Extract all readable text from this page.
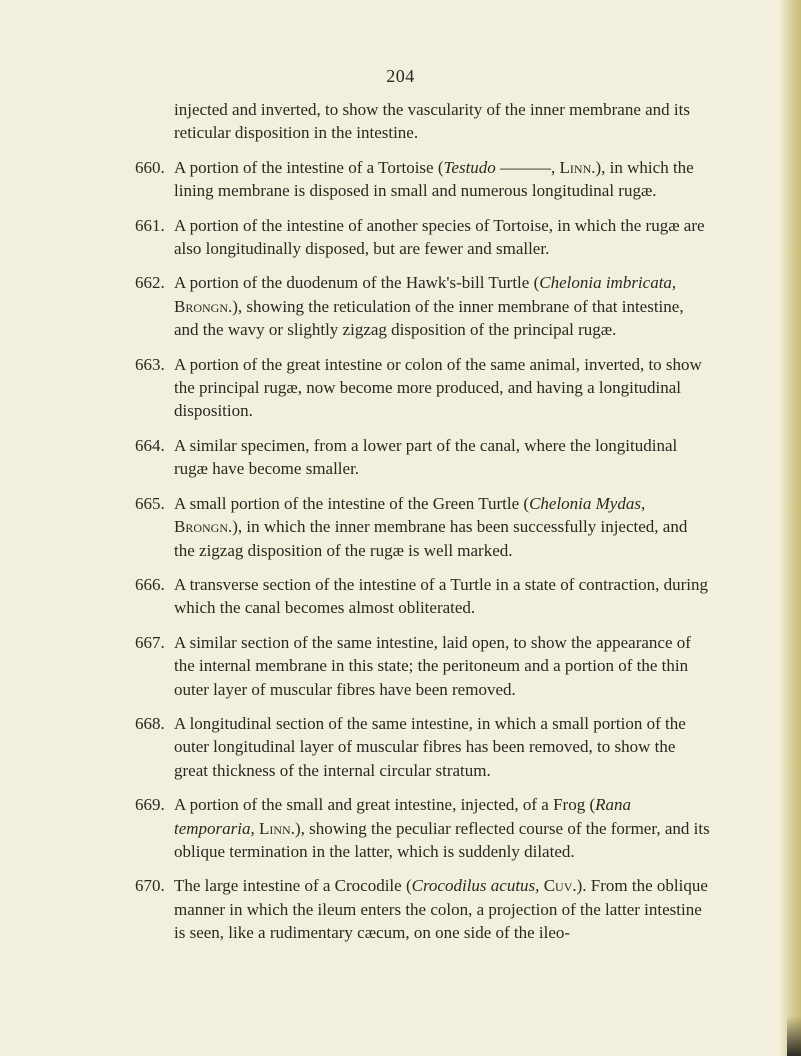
204

injected and inverted, to show the vascularity of the inner membrane and its reticular disposition in the intestine.

660. A portion of the intestine of a Tortoise (Testudo ———, Linn.), in which the lining membrane is disposed in small and numerous longitudinal rugæ.

661. A portion of the intestine of another species of Tortoise, in which the rugæ are also longitudinally disposed, but are fewer and smaller.

662. A portion of the duodenum of the Hawk's-bill Turtle (Chelonia imbricata, Brongn.), showing the reticulation of the inner membrane of that intestine, and the wavy or slightly zigzag disposition of the principal rugæ.

663. A portion of the great intestine or colon of the same animal, inverted, to show the principal rugæ, now become more produced, and having a longitudinal disposition.

664. A similar specimen, from a lower part of the canal, where the longitudinal rugæ have become smaller.

665. A small portion of the intestine of the Green Turtle (Chelonia Mydas, Brongn.), in which the inner membrane has been successfully injected, and the zigzag disposition of the rugæ is well marked.

666. A transverse section of the intestine of a Turtle in a state of contraction, during which the canal becomes almost obliterated.

667. A similar section of the same intestine, laid open, to show the appearance of the internal membrane in this state; the peritoneum and a portion of the thin outer layer of muscular fibres have been removed.

668. A longitudinal section of the same intestine, in which a small portion of the outer longitudinal layer of muscular fibres has been removed, to show the great thickness of the internal circular stratum.

669. A portion of the small and great intestine, injected, of a Frog (Rana temporaria, Linn.), showing the peculiar reflected course of the former, and its oblique termination in the latter, which is suddenly dilated.

670. The large intestine of a Crocodile (Crocodilus acutus, Cuv.). From the oblique manner in which the ileum enters the colon, a projection of the latter intestine is seen, like a rudimentary cæcum, on one side of the ileo-
